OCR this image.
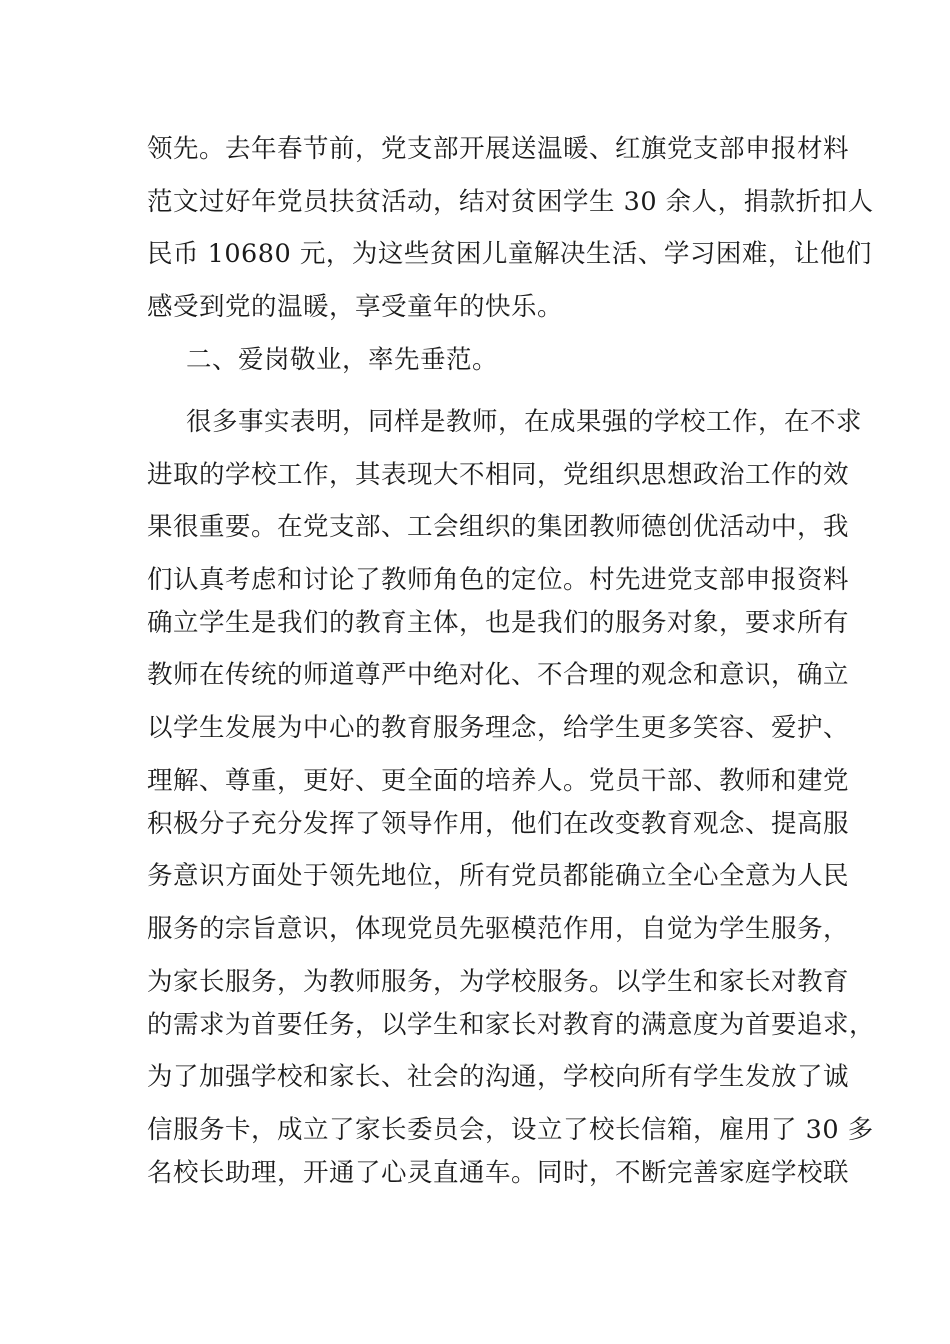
领先。去年春节前，党支部开展送温暖、红旗党支部申报材料
范文过好年党员扶贫活动，结对贫困学生 30 余人，捐款折扣人
民币 10680 元，为这些贫困儿童解决生活、学习困难，让他们
感受到党的温暖，享受童年的快乐。
二、爱岗敬业，率先垂范。
很多事实表明，同样是教师，在成果强的学校工作，在不求
进取的学校工作，其表现大不相同，党组织思想政治工作的效
果很重要。在党支部、工会组织的集团教师德创优活动中，我
们认真考虑和讨论了教师角色的定位。村先进党支部申报资料
确立学生是我们的教育主体，也是我们的服务对象，要求所有
教师在传统的师道尊严中绝对化、不合理的观念和意识，确立
以学生发展为中心的教育服务理念，给学生更多笑容、爱护、
理解、尊重，更好、更全面的培养人。党员干部、教师和建党
积极分子充分发挥了领导作用，他们在改变教育观念、提高服
务意识方面处于领先地位，所有党员都能确立全心全意为人民
服务的宗旨意识，体现党员先驱模范作用，自觉为学生服务，
为家长服务，为教师服务，为学校服务。以学生和家长对教育
的需求为首要任务，以学生和家长对教育的满意度为首要追求，
为了加强学校和家长、社会的沟通，学校向所有学生发放了诚
信服务卡，成立了家长委员会，设立了校长信箱，雇用了 30 多
名校长助理，开通了心灵直通车。同时，不断完善家庭学校联
